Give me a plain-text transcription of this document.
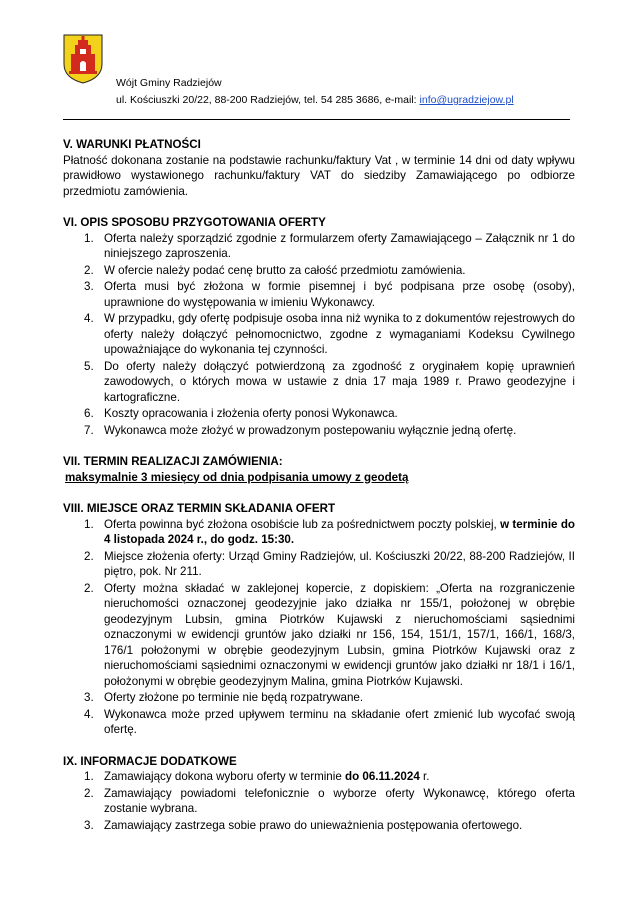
Wójt Gminy Radziejów
ul. Kościuszki 20/22, 88-200 Radziejów, tel. 54 285 3686, e-mail: info@ugradziejow.pl

V. WARUNKI PŁATNOŚCI

Płatność dokonana zostanie na podstawie rachunku/faktury Vat , w terminie 14 dni od daty wpływu prawidłowo wystawionego rachunku/faktury VAT do siedziby Zamawiającego po odbiorze przedmiotu zamówienia.

VI. OPIS SPOSOBU PRZYGOTOWANIA OFERTY

1. Oferta należy sporządzić zgodnie z formularzem oferty Zamawiającego – Załącznik nr 1 do niniejszego zaproszenia.
2. W ofercie należy podać cenę brutto za całość przedmiotu zamówienia.
3. Oferta musi być złożona w formie pisemnej i być podpisana prze osobę (osoby), uprawnione do występowania w imieniu Wykonawcy.
4. W przypadku, gdy ofertę podpisuje osoba inna niż wynika to z dokumentów rejestrowych do oferty należy dołączyć pełnomocnictwo, zgodne z wymaganiami Kodeksu Cywilnego upoważniające do wykonania tej czynności.
5. Do oferty należy dołączyć potwierdzoną za zgodność z oryginałem kopię uprawnień zawodowych, o których mowa w ustawie z dnia 17 maja 1989 r. Prawo geodezyjne i kartograficzne.
6. Koszty opracowania i złożenia oferty ponosi Wykonawca.
7. Wykonawca może złożyć w prowadzonym postepowaniu wyłącznie jedną ofertę.

VII. TERMIN REALIZACJI ZAMÓWIENIA:

maksymalnie 3 miesięcy od dnia podpisania umowy z geodetą

VIII. MIEJSCE ORAZ TERMIN SKŁADANIA OFERT

1. Oferta powinna być złożona osobiście lub za pośrednictwem poczty polskiej, w terminie do 4 listopada 2024 r., do godz. 15:30.
2. Miejsce złożenia oferty: Urząd Gminy Radziejów, ul. Kościuszki 20/22, 88-200 Radziejów, II piętro, pok. Nr 211.
2. Oferty można składać w zaklejonej kopercie, z dopiskiem: „Oferta na rozgraniczenie nieruchomości oznaczonej geodezyjnie jako działka nr 155/1, położonej w obrębie geodezyjnym Lubsin, gmina Piotrków Kujawski z nieruchomościami sąsiednimi oznaczonymi w ewidencji gruntów jako działki nr 156, 154, 151/1, 157/1, 166/1, 168/3, 176/1 położonymi w obrębie geodezyjnym Lubsin, gmina Piotrków Kujawski oraz z nieruchomościami sąsiednimi oznaczonymi w ewidencji gruntów jako działki nr 18/1 i 16/1, położonymi w obrębie geodezyjnym Malina, gmina Piotrków Kujawski.
3. Oferty złożone po terminie nie będą rozpatrywane.
4. Wykonawca może przed upływem terminu na składanie ofert zmienić lub wycofać swoją ofertę.

IX. INFORMACJE DODATKOWE

1. Zamawiający dokona wyboru oferty w terminie do 06.11.2024 r.
2. Zamawiający powiadomi telefonicznie o wyborze oferty Wykonawcę, którego oferta zostanie wybrana.
3. Zamawiający zastrzega sobie prawo do unieważnienia postępowania ofertowego.
